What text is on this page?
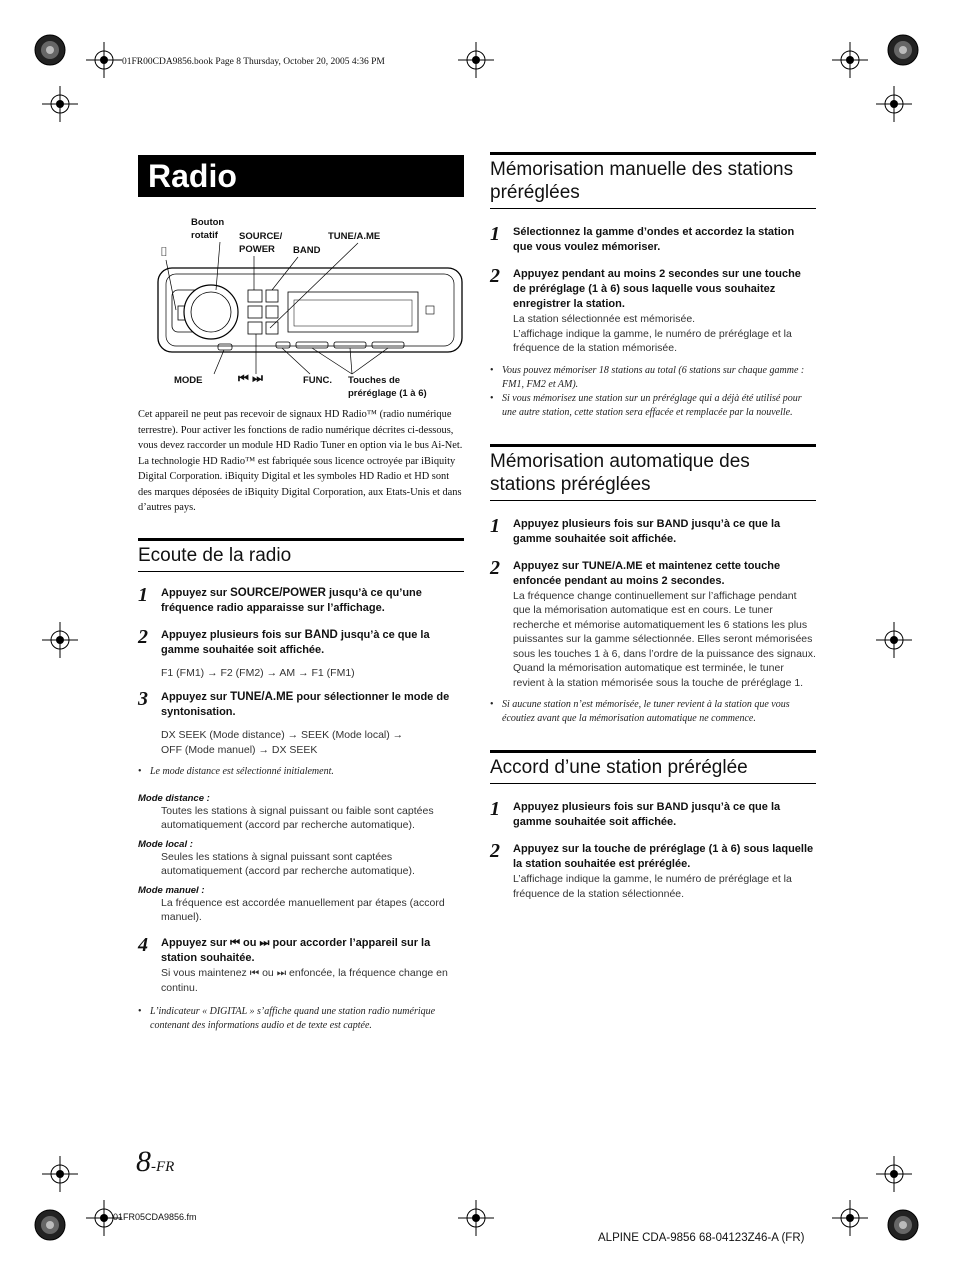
01FR00CDA9856.book Page 8 Thursday, October 20, 2005 4:36 PM
Radio
Bouton
rotatif	SOURCE/
POWER	BAND
TUNE/A.ME
⌷
MODE	⏮ ⏭	FUNC. Touches de
préréglage (1 à 6)
Cet appareil ne peut pas recevoir de signaux HD Radio™ (radio numérique terrestre). Pour activer les fonctions de radio numérique décrites ci-dessous, vous devez raccorder un module HD Radio Tuner en option via le bus Ai-Net.
La technologie HD Radio™ est fabriquée sous licence octroyée par iBiquity Digital Corporation. iBiquity Digital et les symboles HD Radio et HD sont des marques déposées de iBiquity Digital Corporation, aux Etats-Unis et dans d’autres pays.
Ecoute de la radio
1 Appuyez sur SOURCE/POWER jusqu’à ce qu’une fréquence radio apparaisse sur l’affichage.
2 Appuyez plusieurs fois sur BAND jusqu’à ce que la gamme souhaitée soit affichée.
F1 (FM1) → F2 (FM2) → AM → F1 (FM1)
3 Appuyez sur TUNE/A.ME pour sélectionner le mode de syntonisation.
DX SEEK (Mode distance) → SEEK (Mode local) →
OFF (Mode manuel) → DX SEEK
• Le mode distance est sélectionné initialement.
Mode distance :
Toutes les stations à signal puissant ou faible sont captées automatiquement (accord par recherche automatique).
Mode local :
Seules les stations à signal puissant sont captées automatiquement (accord par recherche automatique).
Mode manuel :
La fréquence est accordée manuellement par étapes (accord manuel).
4 Appuyez sur ⏮ ou ⏭ pour accorder l’appareil sur la station souhaitée.
Si vous maintenez ⏮ ou ⏭ enfoncée, la fréquence change en continu.
• L’indicateur « DIGITAL » s’affiche quand une station radio numérique contenant des informations audio et de texte est captée.
Mémorisation manuelle des stations préréglées
1 Sélectionnez la gamme d’ondes et accordez la station que vous voulez mémoriser.
2 Appuyez pendant au moins 2 secondes sur une touche de préréglage (1 à 6) sous laquelle vous souhaitez enregistrer la station.
La station sélectionnée est mémorisée.
L’affichage indique la gamme, le numéro de préréglage et la fréquence de la station mémorisée.
• Vous pouvez mémoriser 18 stations au total (6 stations sur chaque gamme : FM1, FM2 et AM).
• Si vous mémorisez une station sur un préréglage qui a déjà été utilisé pour une autre station, cette station sera effacée et remplacée par la nouvelle.
Mémorisation automatique des stations préréglées
1 Appuyez plusieurs fois sur BAND jusqu’à ce que la gamme souhaitée soit affichée.
2 Appuyez sur TUNE/A.ME et maintenez cette touche enfoncée pendant au moins 2 secondes.
La fréquence change continuellement sur l’affichage pendant que la mémorisation automatique est en cours. Le tuner recherche et mémorise automatiquement les 6 stations les plus puissantes sur la gamme sélectionnée. Elles seront mémorisées sous les touches 1 à 6, dans l’ordre de la puissance des signaux.
Quand la mémorisation automatique est terminée, le tuner revient à la station mémorisée sous la touche de préréglage 1.
• Si aucune station n’est mémorisée, le tuner revient à la station que vous écoutiez avant que la mémorisation automatique ne commence.
Accord d’une station préréglée
1 Appuyez plusieurs fois sur BAND jusqu’à ce que la gamme souhaitée soit affichée.
2 Appuyez sur la touche de préréglage (1 à 6) sous laquelle la station souhaitée est préréglée.
L’affichage indique la gamme, le numéro de préréglage et la fréquence de la station sélectionnée.
8-FR
01FR05CDA9856.fm
ALPINE CDA-9856 68-04123Z46-A (FR)
